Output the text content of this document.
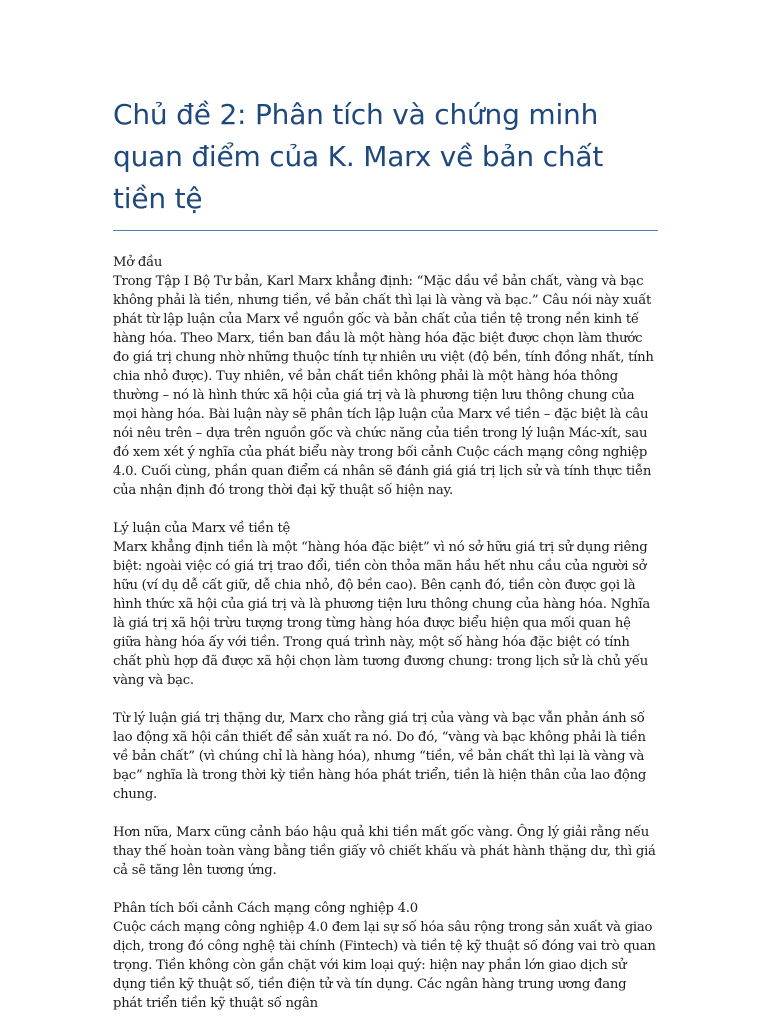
Chủ đề 2: Phân tích và chứng minh quan điểm của K. Marx về bản chất tiền tệ

Mở đầu

Trong Tập I Bộ Tư bản, Karl Marx khẳng định: “Mặc dầu về bản chất, vàng và bạc không phải là tiền, nhưng tiền, về bản chất thì lại là vàng và bạc.” Câu nói này xuất phát từ lập luận của Marx về nguồn gốc và bản chất của tiền tệ trong nền kinh tế hàng hóa. Theo Marx, tiền ban đầu là một hàng hóa đặc biệt được chọn làm thước đo giá trị chung nhờ những thuộc tính tự nhiên ưu việt (độ bền, tính đồng nhất, tính chia nhỏ được). Tuy nhiên, về bản chất tiền không phải là một hàng hóa thông thường – nó là hình thức xã hội của giá trị và là phương tiện lưu thông chung của mọi hàng hóa. Bài luận này sẽ phân tích lập luận của Marx về tiền – đặc biệt là câu nói nêu trên – dựa trên nguồn gốc và chức năng của tiền trong lý luận Mác-xít, sau đó xem xét ý nghĩa của phát biểu này trong bối cảnh Cuộc cách mạng công nghiệp 4.0. Cuối cùng, phần quan điểm cá nhân sẽ đánh giá giá trị lịch sử và tính thực tiễn của nhận định đó trong thời đại kỹ thuật số hiện nay.

Lý luận của Marx về tiền tệ

Marx khẳng định tiền là một “hàng hóa đặc biệt” vì nó sở hữu giá trị sử dụng riêng biệt: ngoài việc có giá trị trao đổi, tiền còn thỏa mãn hầu hết nhu cầu của người sở hữu (ví dụ dễ cất giữ, dễ chia nhỏ, độ bền cao). Bên cạnh đó, tiền còn được gọi là hình thức xã hội của giá trị và là phương tiện lưu thông chung của hàng hóa. Nghĩa là giá trị xã hội trừu tượng trong từng hàng hóa được biểu hiện qua mối quan hệ giữa hàng hóa ấy với tiền. Trong quá trình này, một số hàng hóa đặc biệt có tính chất phù hợp đã được xã hội chọn làm tương đương chung: trong lịch sử là chủ yếu vàng và bạc.

Từ lý luận giá trị thặng dư, Marx cho rằng giá trị của vàng và bạc vẫn phản ánh số lao động xã hội cần thiết để sản xuất ra nó. Do đó, “vàng và bạc không phải là tiền về bản chất” (vì chúng chỉ là hàng hóa), nhưng “tiền, về bản chất thì lại là vàng và bạc” nghĩa là trong thời kỳ tiền hàng hóa phát triển, tiền là hiện thân của lao động chung.

Hơn nữa, Marx cũng cảnh báo hậu quả khi tiền mất gốc vàng. Ông lý giải rằng nếu thay thế hoàn toàn vàng bằng tiền giấy vô chiết khấu và phát hành thặng dư, thì giá cả sẽ tăng lên tương ứng.

Phân tích bối cảnh Cách mạng công nghiệp 4.0

Cuộc cách mạng công nghiệp 4.0 đem lại sự số hóa sâu rộng trong sản xuất và giao dịch, trong đó công nghệ tài chính (Fintech) và tiền tệ kỹ thuật số đóng vai trò quan trọng. Tiền không còn gắn chặt với kim loại quý: hiện nay phần lớn giao dịch sử dụng tiền kỹ thuật số, tiền điện tử và tín dụng. Các ngân hàng trung ương đang phát triển tiền kỹ thuật số ngân
